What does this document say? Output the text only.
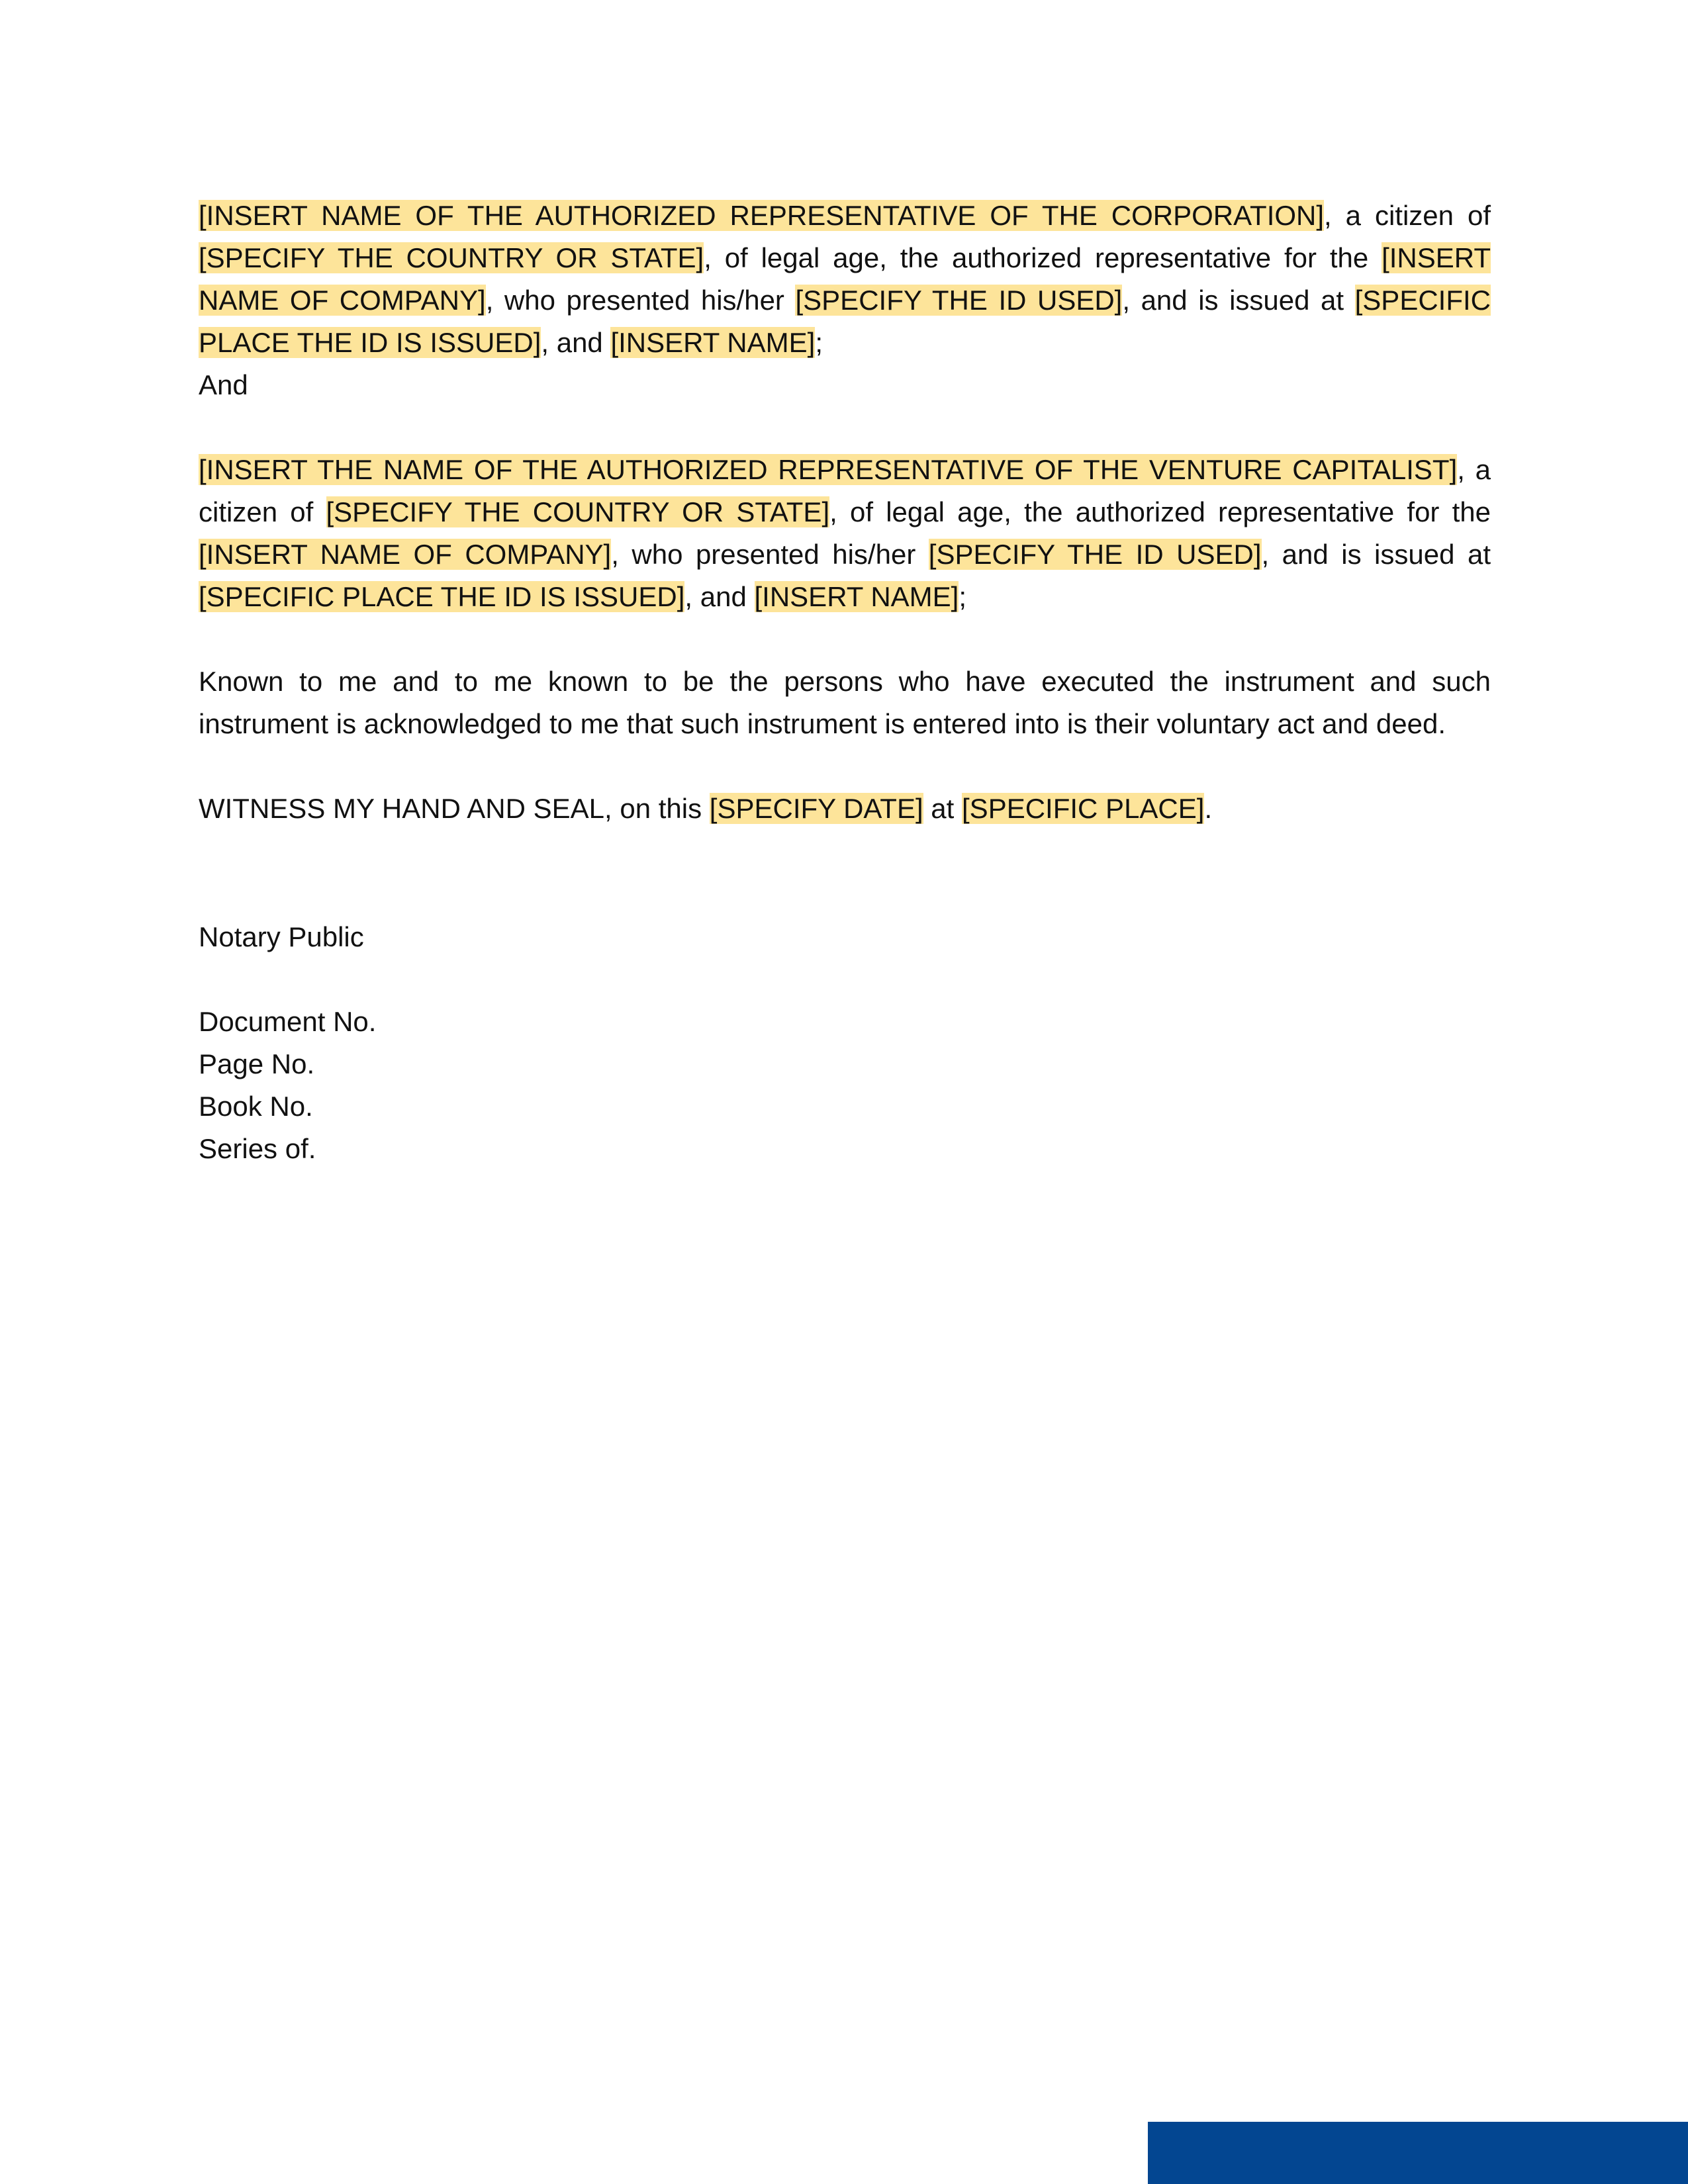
[INSERT NAME OF THE AUTHORIZED REPRESENTATIVE OF THE CORPORATION], a citizen of [SPECIFY THE COUNTRY OR STATE], of legal age, the authorized representative for the [INSERT NAME OF COMPANY], who presented his/her [SPECIFY THE ID USED], and is issued at [SPECIFIC PLACE THE ID IS ISSUED], and [INSERT NAME];

And

[INSERT THE NAME OF THE AUTHORIZED REPRESENTATIVE OF THE VENTURE CAPITALIST], a citizen of [SPECIFY THE COUNTRY OR STATE], of legal age, the authorized representative for the [INSERT NAME OF COMPANY], who presented his/her [SPECIFY THE ID USED], and is issued at [SPECIFIC PLACE THE ID IS ISSUED], and [INSERT NAME];

Known to me and to me known to be the persons who have executed the instrument and such instrument is acknowledged to me that such instrument is entered into is their voluntary act and deed.

WITNESS MY HAND AND SEAL, on this [SPECIFY DATE] at [SPECIFIC PLACE].

Notary Public

Document No.

Page No.

Book No.

Series of.
